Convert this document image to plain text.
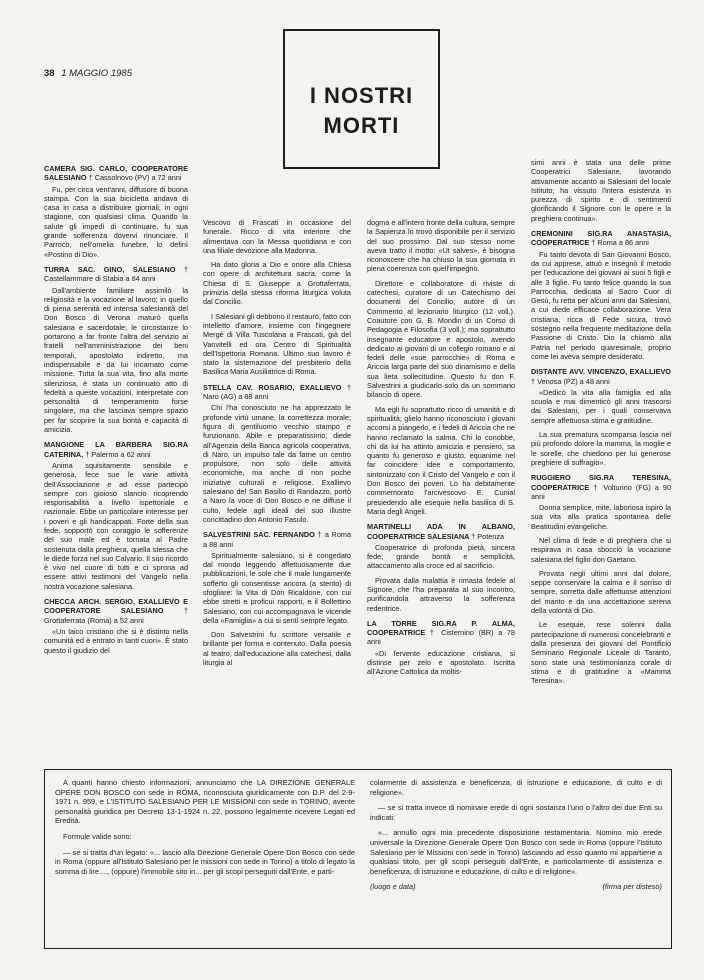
38 1 MAGGIO 1985
I NOSTRI
MORTI
CAMERA SIG. CARLO, COOPERATORE SALESIANO † Cassolnovo (PV) a 72 anni

Fu, per circa vent'anni, diffusore di buona stampa. Con la sua bicicletta andava di casa in casa a distribuire giornali, in ogni stagione, con qualsiasi clima. Quando la salute gli impedì di continuare, fu sua grande sofferenza dovervi rinunciare. Il Parroco, nell'omelia funebre, lo definì «Postino di Dio».

TURRA SAC. GINO, SALESIANO † Castellammare di Stabia a 84 anni

Dall'ambiente familiare assimilò la religiosità e la vocazione al lavoro; in quello di piena serenità ed intensa salesianità del Don Bosco di Verona maturò quella salesiana e sacerdotale; le circostanze lo portarono a far fronte l'altra del servizio ai fratelli nell'amministrazione dei beni temporali, apostolato indiretto, ma indispensabile e da lui incarnato come missione. Tutta la sua vita, fino alla morte silenziosa, è stata un continuato atto di fedeltà a queste vocazioni, interpretate con personalità di temperamento forse singolare, ma che lasciava sempre spazio per far scoprire la sua bontà e capacità di amicizia.

MANGIONE LA BARBERA SIG.RA CATERINA, † Palermo a 62 anni

Anima squisitamente sensibile e generosa, fece sue le varie attività dell'Associazione e ad esse partecipò sempre con gioioso slancio ricoprendo responsabilità a livello ispettoriale e nazionale. Ebbe un particolare interesse per i poveri e gli handicappati. Forte della sua fede, sopportò con coraggio le sofferenze del suo male ed è tornata al Padre sostenuta dalla preghiera, quella stessa che le diede forza nel suo Calvario. Il suo ricordo è vivo nel cuore di tutti e ci sprona ad essere attivi testimoni del Vangelo nella nostra vocazione salesiana.

CHECCA ARCH. SERGIO, EXALLIEVO E COOPERATORE SALESIANO	† Grottaferrata (Roma) a 52 anni

«Un laico cristiano che si è distinto nella comunità ed è entrato in tanti cuori». È stato questo il giudizio del

Vescovo di Frascati in occasione del funerale. Ricco di vita interiore che alimentava con la Messa quotidiana e con una filiale devozione alla Madonna.

Ha dato gloria a Dio e onore alla Chiesa con opere di architettura sacra, come la Chiesa di S. Giuseppe a Grottaferrata, primizia della stessa riforma liturgica voluta dal Concilio.

I Salesiani gli debbono il restauro, fatto con intelletto d'amore, insieme con l'ingegnere Mergè di Villa Tuscolana a Frascati, già del Vanvitelli ed ora Centro di Spiritualità dell'Ispettoria Romana. Ultimo suo lavoro è stato la sistemazione del presbiterio della Basilica Maria Ausiliatrice di Roma.

STELLA CAV. ROSARIO, EXALLIEVO † Naro (AG) a 88 anni

Chi l'ha conosciuto ne ha apprezzato le profonde virtù umane, la correttezza morale; figura di gentiluomo vecchio stampo e funzionario. Abile e preparatissimo, diede all'Agenzia della Banca agricola cooperativa, di Naro, un impulso tale da farne un centro propulsore, non solo delle attività economiche, ma anche di non poche iniziative culturali e religiose. Exallievo salesiano del San Basilio di Randazzo, portò a Naro la voce di Don Bosco e ne diffuse il culto, fedele agli ideali del suo illustre concittadino don Antonio Fasulo.

SALVESTRINI SAC. FERNANDO † a Roma a 88 anni

Spiritualmente salesiano, si è congedato dal mondo leggendo affettuosamente due pubblicazioni, le sole che il male lungamente sofferto gli consentisse ancora (a stento) di sfogliare: la Vita di Don Ricaldone, con cui ebbe stretti e proficui rapporti, e il Bollettino Salesiano, con cui accompagnava le vicende della «Famiglia» a cui si sentì sempre legato.

Don Salvestrini fu scrittore versatile e brillante per forma e contenuto. Dalla poesia al teatro, dall'educazione alla catechesi, dalla liturgia al

dogma e all'intero fronte della cultura, sempre la Sapienza lo trovò disponibile per il servizio del suo prossimo. Dal suo stesso nome aveva tratto il motto: «Ut salves», è bisogna riconoscere che ha chiuso la sua giornata in piena coerenza con quell'impegno.

Direttore e collaboratore di riviste di catechesi, curatore di un Catechismo dei documenti del Concilio, autore di un Commento al lezionario liturgico (12 voll.). Coautore con G. B. Mondin di un Corso di Pedagogia e Filosofia (3 voll.); ma soprattutto insegnante educatore e apostolo, avendo dedicato ai giovani di un collegio romano e ai fedeli delle «sue parrocchie» di Roma e Ariccia larga parte del suo dinamismo e della sua lieta sollecitudine. Questo fu don F. Salvestrini a giudicarlo solo da un sommario bilancio di opere.

Ma egli fu soprattutto ricco di umanità e di spiritualità; glielo hanno riconosciuto i giovani accorsi a piangerlo, e i fedeli di Ariccia che ne hanno reclamato la salma. Chi lo conobbe, chi da lui ha attinto amicizia e pensiero, sa quanto fu generoso e giusto, equanime nel far coincidere idee e comportamento, sintonizzato con il Cristo del Vangelo e con il Don Bosco dei poveri. Lo ha debitamente commemorato l'arcivescovo E. Cunial presiedendo alle esequie nella basilica di S. Maria degli Angeli.

MARTINELLI ADA IN ALBANO, COOPERATRICE SALESIANA † Potenza

Cooperatrice di profonda pietà, sincera fede, grande bontà e semplicità, attaccamento alla croce ed al sacrificio.

Provata dalla malattia è rimasta fedele al Signore, che l'ha preparata al suo incontro, purificandola attraverso la sofferenza redentrice.

LA TORRE SIG.RA P. ALMA, COOPERATRICE † Cisternino (BR) a 78 anni

«Di fervente educazione cristiana, si distinse per zelo e apostolato. Iscritta all'Azione Cattolica da moltis-

simi anni è stata una delle prime Cooperatrici Salesiane, lavorando attivamente accanto ai Salesiani del locale Istituto; ha vissuto l'intera esistenza in purezza di spirito e di sentimenti glorificando il Signore con le opere e la preghiera continua».

CREMONINI SIG.RA ANASTASIA, COOPERATRICE † Roma a 86 anni

Fu tanto devota di San Giovanni Bosco, da cui apprese, attuò e insegnò il metodo per l'educazione dei giovani ai suoi 5 figli e alle 3 figlie. Fu tanto felice quando la sua Parrocchia, dedicata al Sacro Cuor di Gesù, fu retta per alcuni anni dai Salesiani, a cui diede efficace collaborazione. Vera cristiana, ricca di Fede sicura, trovò sostegno nella frequente meditazione della Passione di Cristo. Dio la chiamò alla Patria nel periodo quaresimale, proprio come lei aveva sempre desiderato.

DISTANTE AVV. VINCENZO, EXALLIEVO † Venosa (PZ) a 48 anni

«Dedicò la vita alla famiglia ed alla scuola e mai dimenticò gli anni trascorsi dai Salesiani, per i quali conservava sempre affettuosa stima e gratitudine.

La sua prematura scomparsa lascia nel più profondo dolore la mamma, la moglie e le sorelle, che chiedono per lui generose preghiere di suffragio».

RUGGIERO SIG.RA TERESINA, COOPERATRICE † Volturino (FG) a 90 anni

Donna semplice, mite, laboriosa ispirò la sua vita alla pratica spontanea delle Beatitudini evangeliche.

Nel clima di fede e di preghiera che si respirava in casa sbocciò la vocazione salesiana del figlio don Gaetano.

Provata negli ultimi anni dal dolore, seppe conservare la calma e il sorriso di sempre, sorretta dalle affettuose attenzioni del marito e da una accettazione serena della volontà di Dio.

Le esequie, rese solenni dalla partecipazione di numerosi concelebranti e dalla presenza dei giovani del Pontificio Seminario Regionale Liceale di Taranto, sono state una testimonianza corale di stima e di gratitudine a «Mamma Teresina».

A quanti hanno chiesto informazioni, annunciamo che LA DIREZIONE GENERALE OPERE DON BOSCO con sede in ROMA, riconosciuta giuridicamente con D.P. del 2-9-1971 n. 959, e L'ISTITUTO SALESIANO PER LE MISSIONI con sede in TORINO, avente personalità giuridica per Decreto 13-1-1924 n. 22, possono legalmente ricevere Legati ed Eredità.

Formule valide sono:

— se si tratta d'un legato: «... lascio alla Direzione Generale Opere Don Bosco con sede in Roma (oppure all'Istituto Salesiano per le missioni con sede in Torino) a titolo di legato la somma di lire...., (oppure) l'immobile sito in... per gli scopi perseguiti dall'Ente, e parti-

colarmente di assistenza e beneficenza, di istruzione e educazione, di culto e di religione».

— se si tratta invece di nominare erede di ogni sostanza l'uno o l'altro dei due Enti su indicati:

«... annullo ogni mia precedente disposizione testamentaria. Nomino mio erede universale la Direzione Generale Opere Don Bosco con sede in Roma (oppure l'Istituto Salesiano per le Missioni con sede in Torino) lasciando ad esso quanto mi appartiene a qualsiasi titolo, per gli scopi perseguiti dall'Ente, e particolarmente di assistenza e beneficenza, di istruzione e educazione, di culto e di religione».

(luogo e data)	(firma per disteso)
